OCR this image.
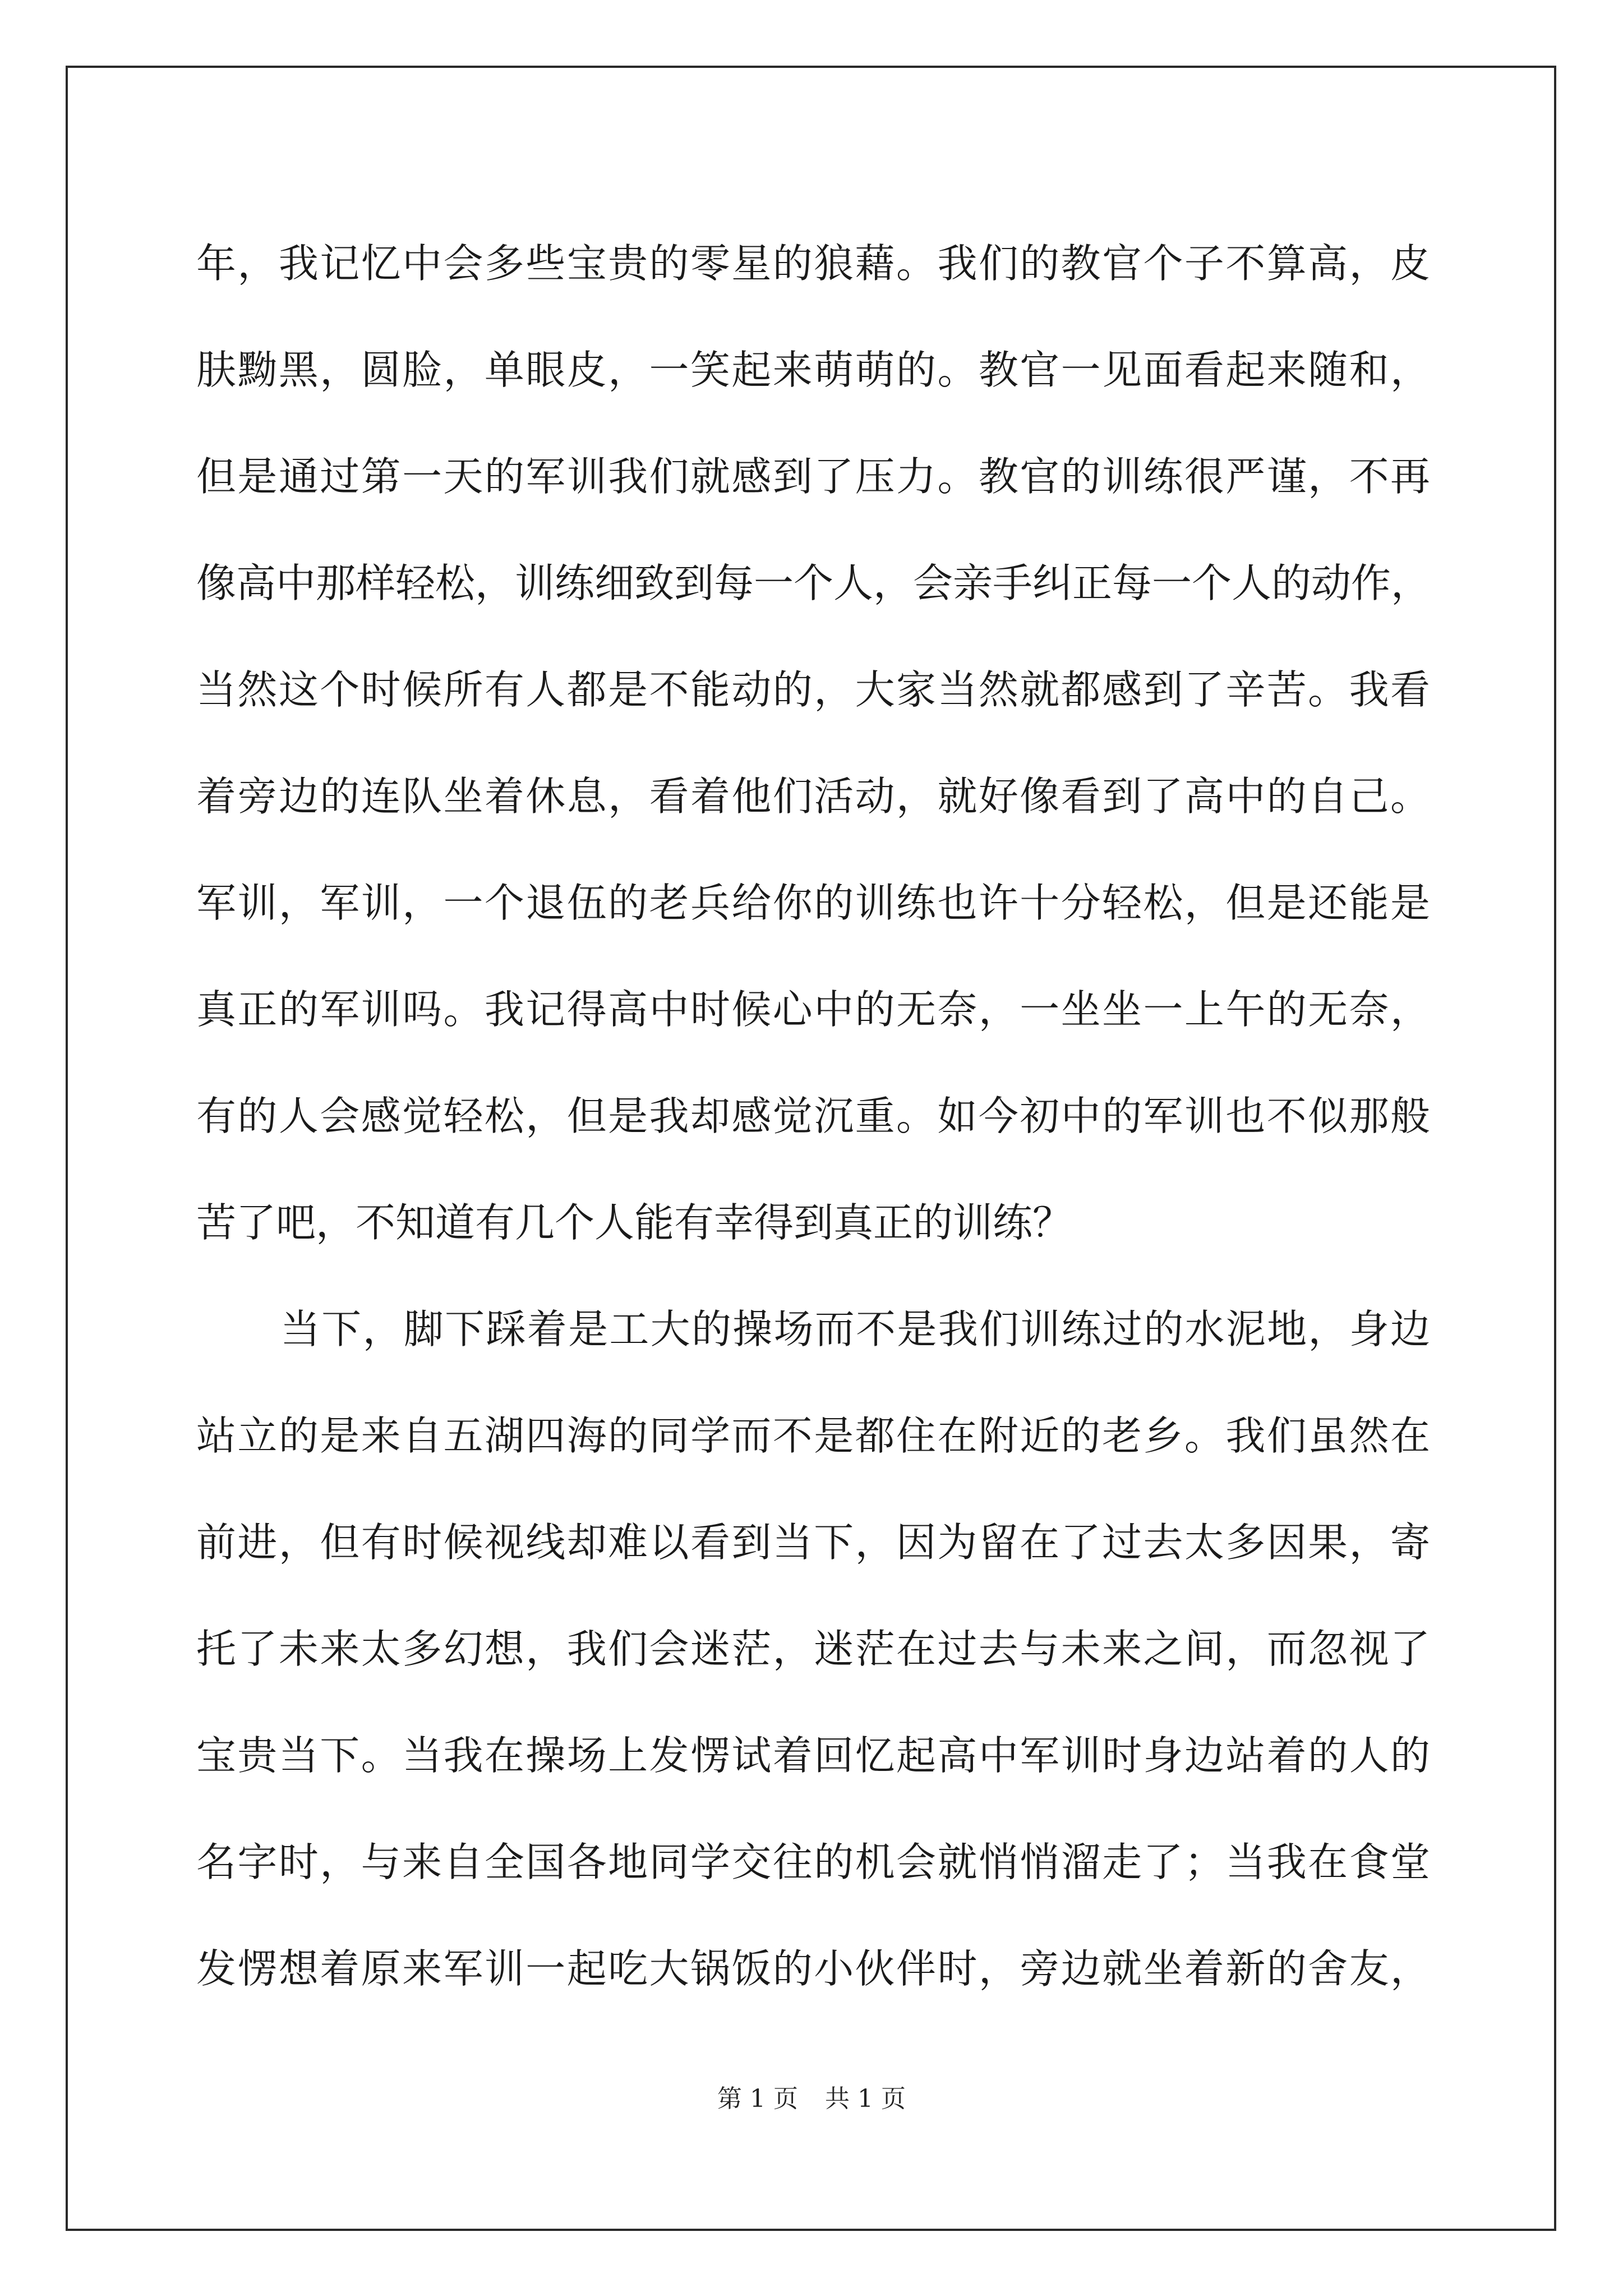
年，我记忆中会多些宝贵的零星的狼藉。我们的教官个子不算高，皮
肤黝黑，圆脸，单眼皮，一笑起来萌萌的。教官一见面看起来随和，
但是通过第一天的军训我们就感到了压力。教官的训练很严谨，不再
像高中那样轻松，训练细致到每一个人，会亲手纠正每一个人的动作，
当然这个时候所有人都是不能动的，大家当然就都感到了辛苦。我看
着旁边的连队坐着休息，看着他们活动，就好像看到了高中的自己。
军训，军训，一个退伍的老兵给你的训练也许十分轻松，但是还能是
真正的军训吗。我记得高中时候心中的无奈，一坐坐一上午的无奈，
有的人会感觉轻松，但是我却感觉沉重。如今初中的军训也不似那般
苦了吧，不知道有几个人能有幸得到真正的训练？
当下，脚下踩着是工大的操场而不是我们训练过的水泥地，身边
站立的是来自五湖四海的同学而不是都住在附近的老乡。我们虽然在
前进，但有时候视线却难以看到当下，因为留在了过去太多因果，寄
托了未来太多幻想，我们会迷茫，迷茫在过去与未来之间，而忽视了
宝贵当下。当我在操场上发愣试着回忆起高中军训时身边站着的人的
名字时，与来自全国各地同学交往的机会就悄悄溜走了；当我在食堂
发愣想着原来军训一起吃大锅饭的小伙伴时，旁边就坐着新的舍友，
第 1 页 共 1 页
